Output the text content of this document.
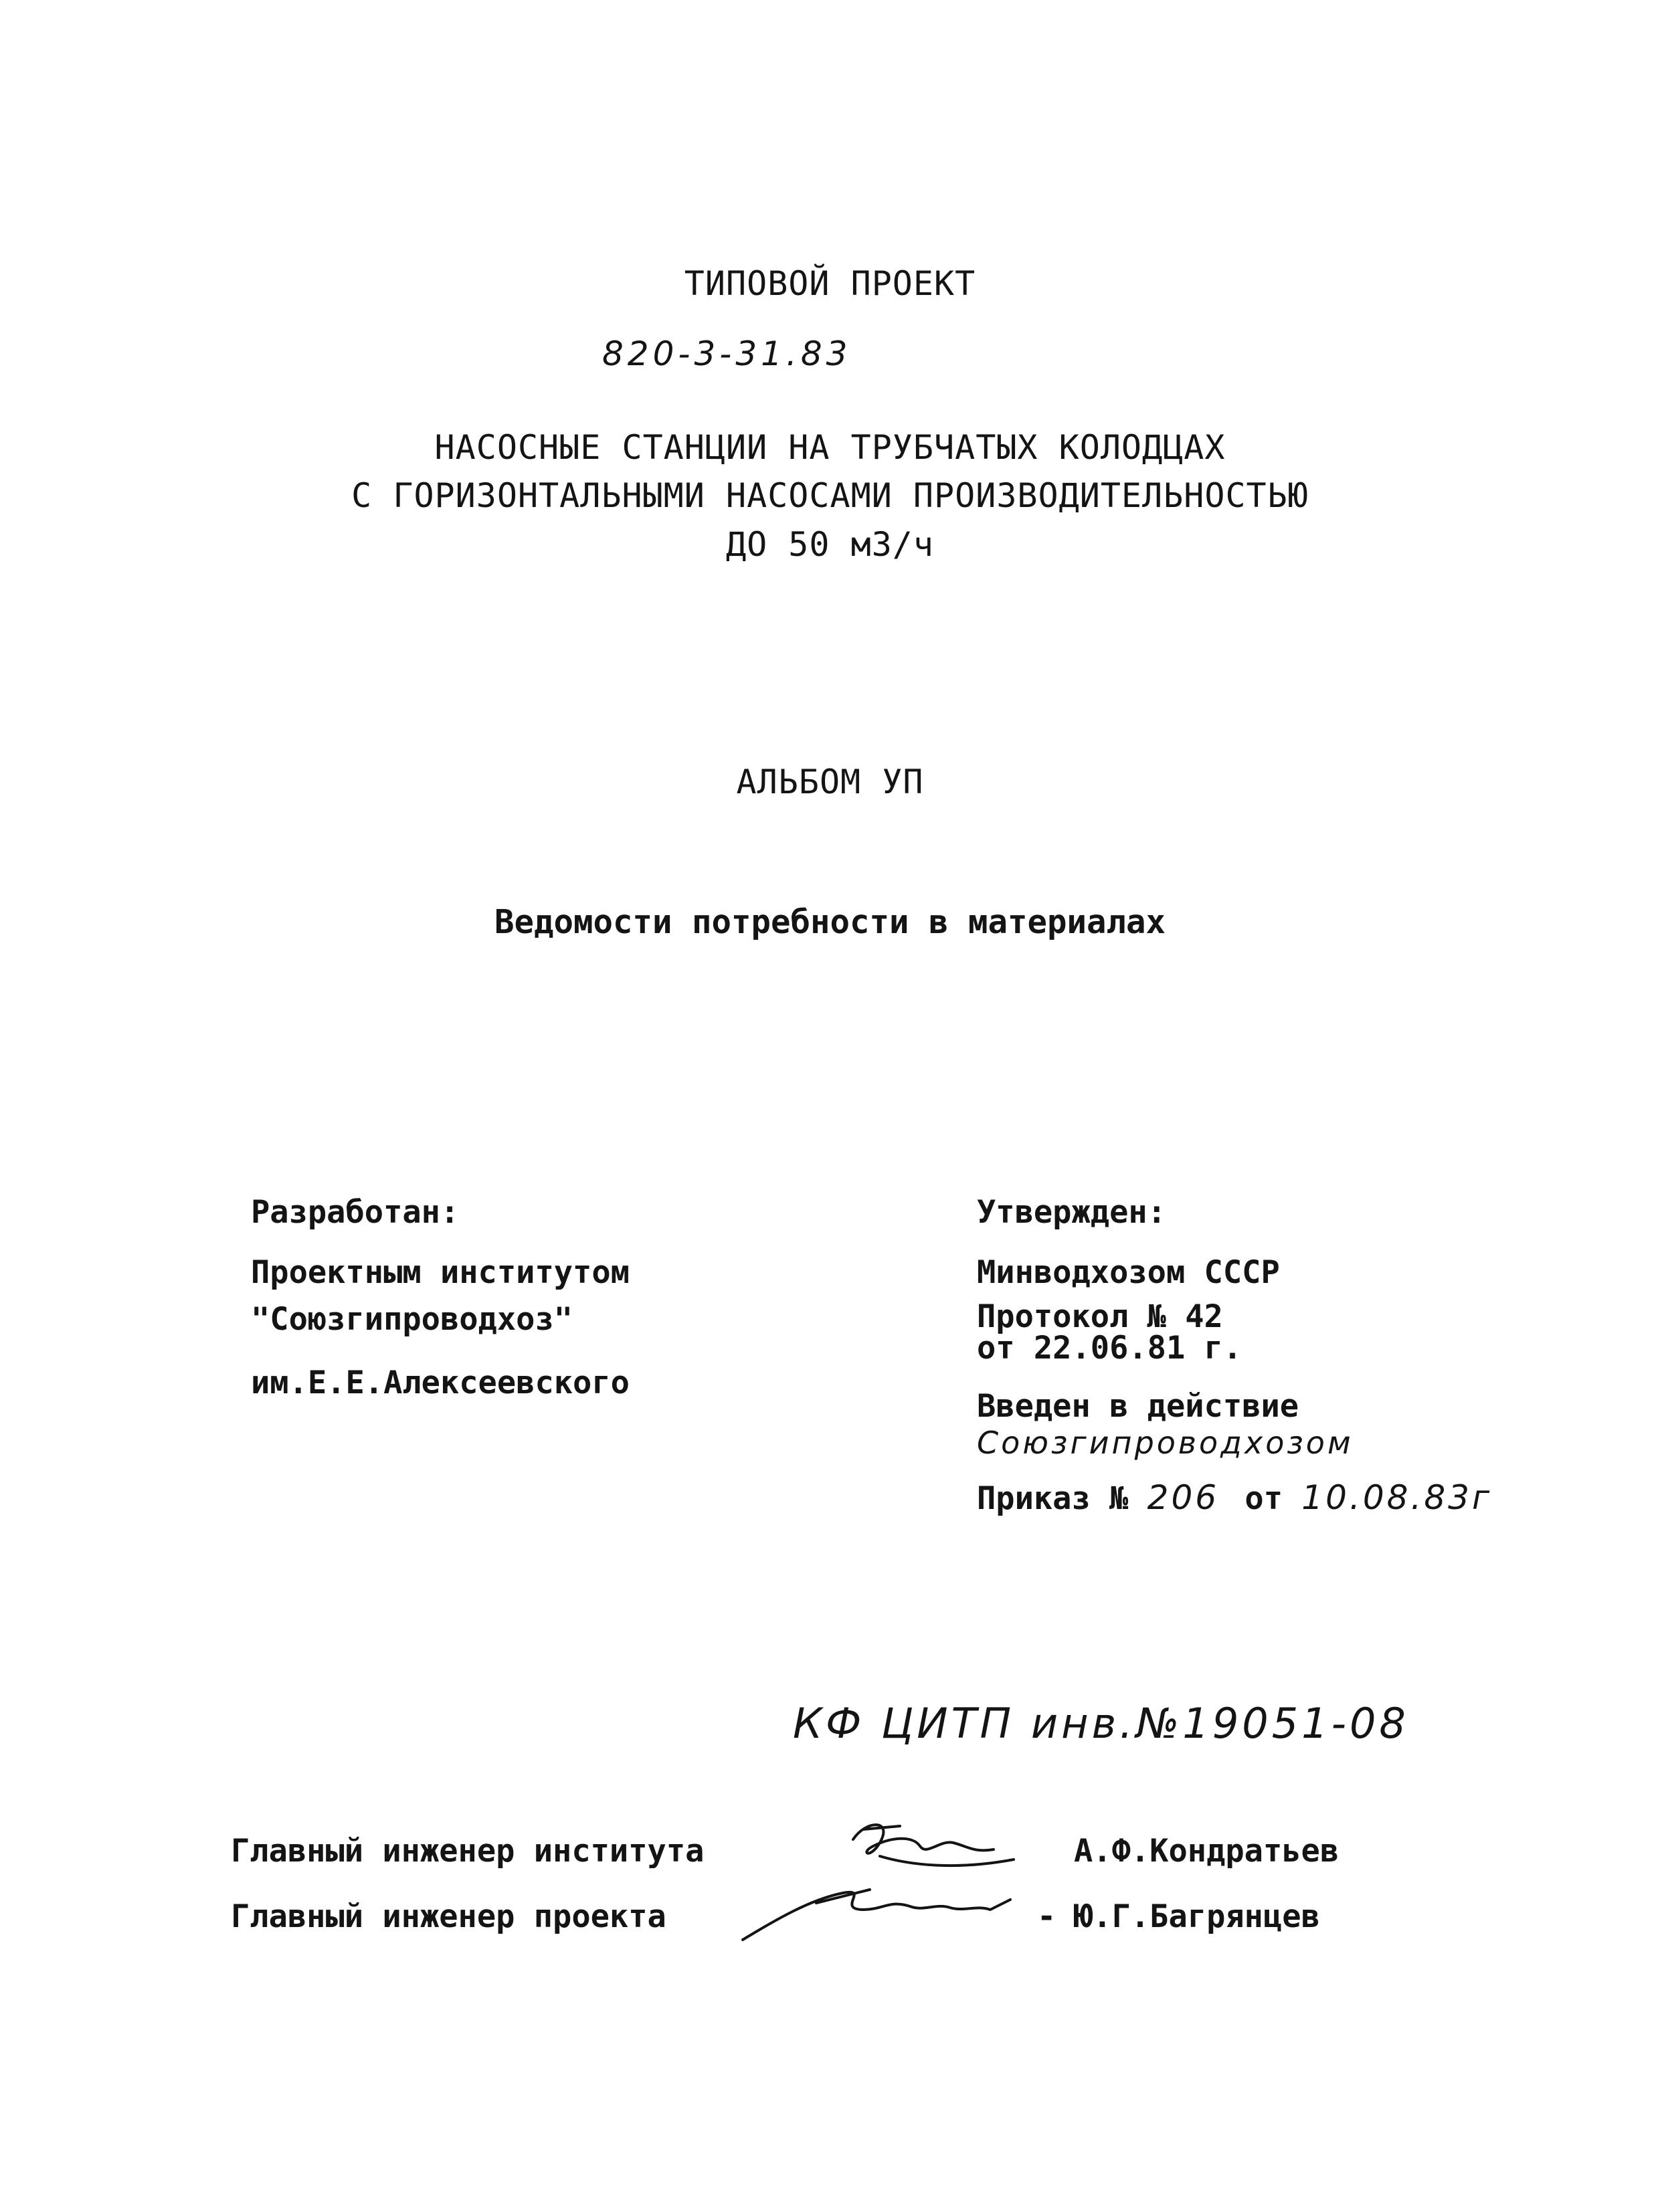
ТИПОВОЙ ПРОЕКТ
820-3-31.83
НАСОСНЫЕ СТАНЦИИ НА ТРУБЧАТЫХ КОЛОДЦАХ
С ГОРИЗОНТАЛЬНЫМИ НАСОСАМИ ПРОИЗВОДИТЕЛЬНОСТЬЮ
ДО 50 м3/ч
АЛЬБОМ УП
Ведомости потребности в материалах
Разработан:
Проектным институтом
"Союзгипроводхоз"
им.Е.Е.Алексеевского
Утвержден:
Минводхозом СССР
Протокол № 42
от 22.06.81 г.
Введен в действие
Союзгипроводхозом
Приказ № 206 от 10.08.83г
КФ ЦИТП инв.№19051-08
Главный инженер института	А.Ф.Кондратьев
Главный инженер проекта	- Ю.Г.Багрянцев
